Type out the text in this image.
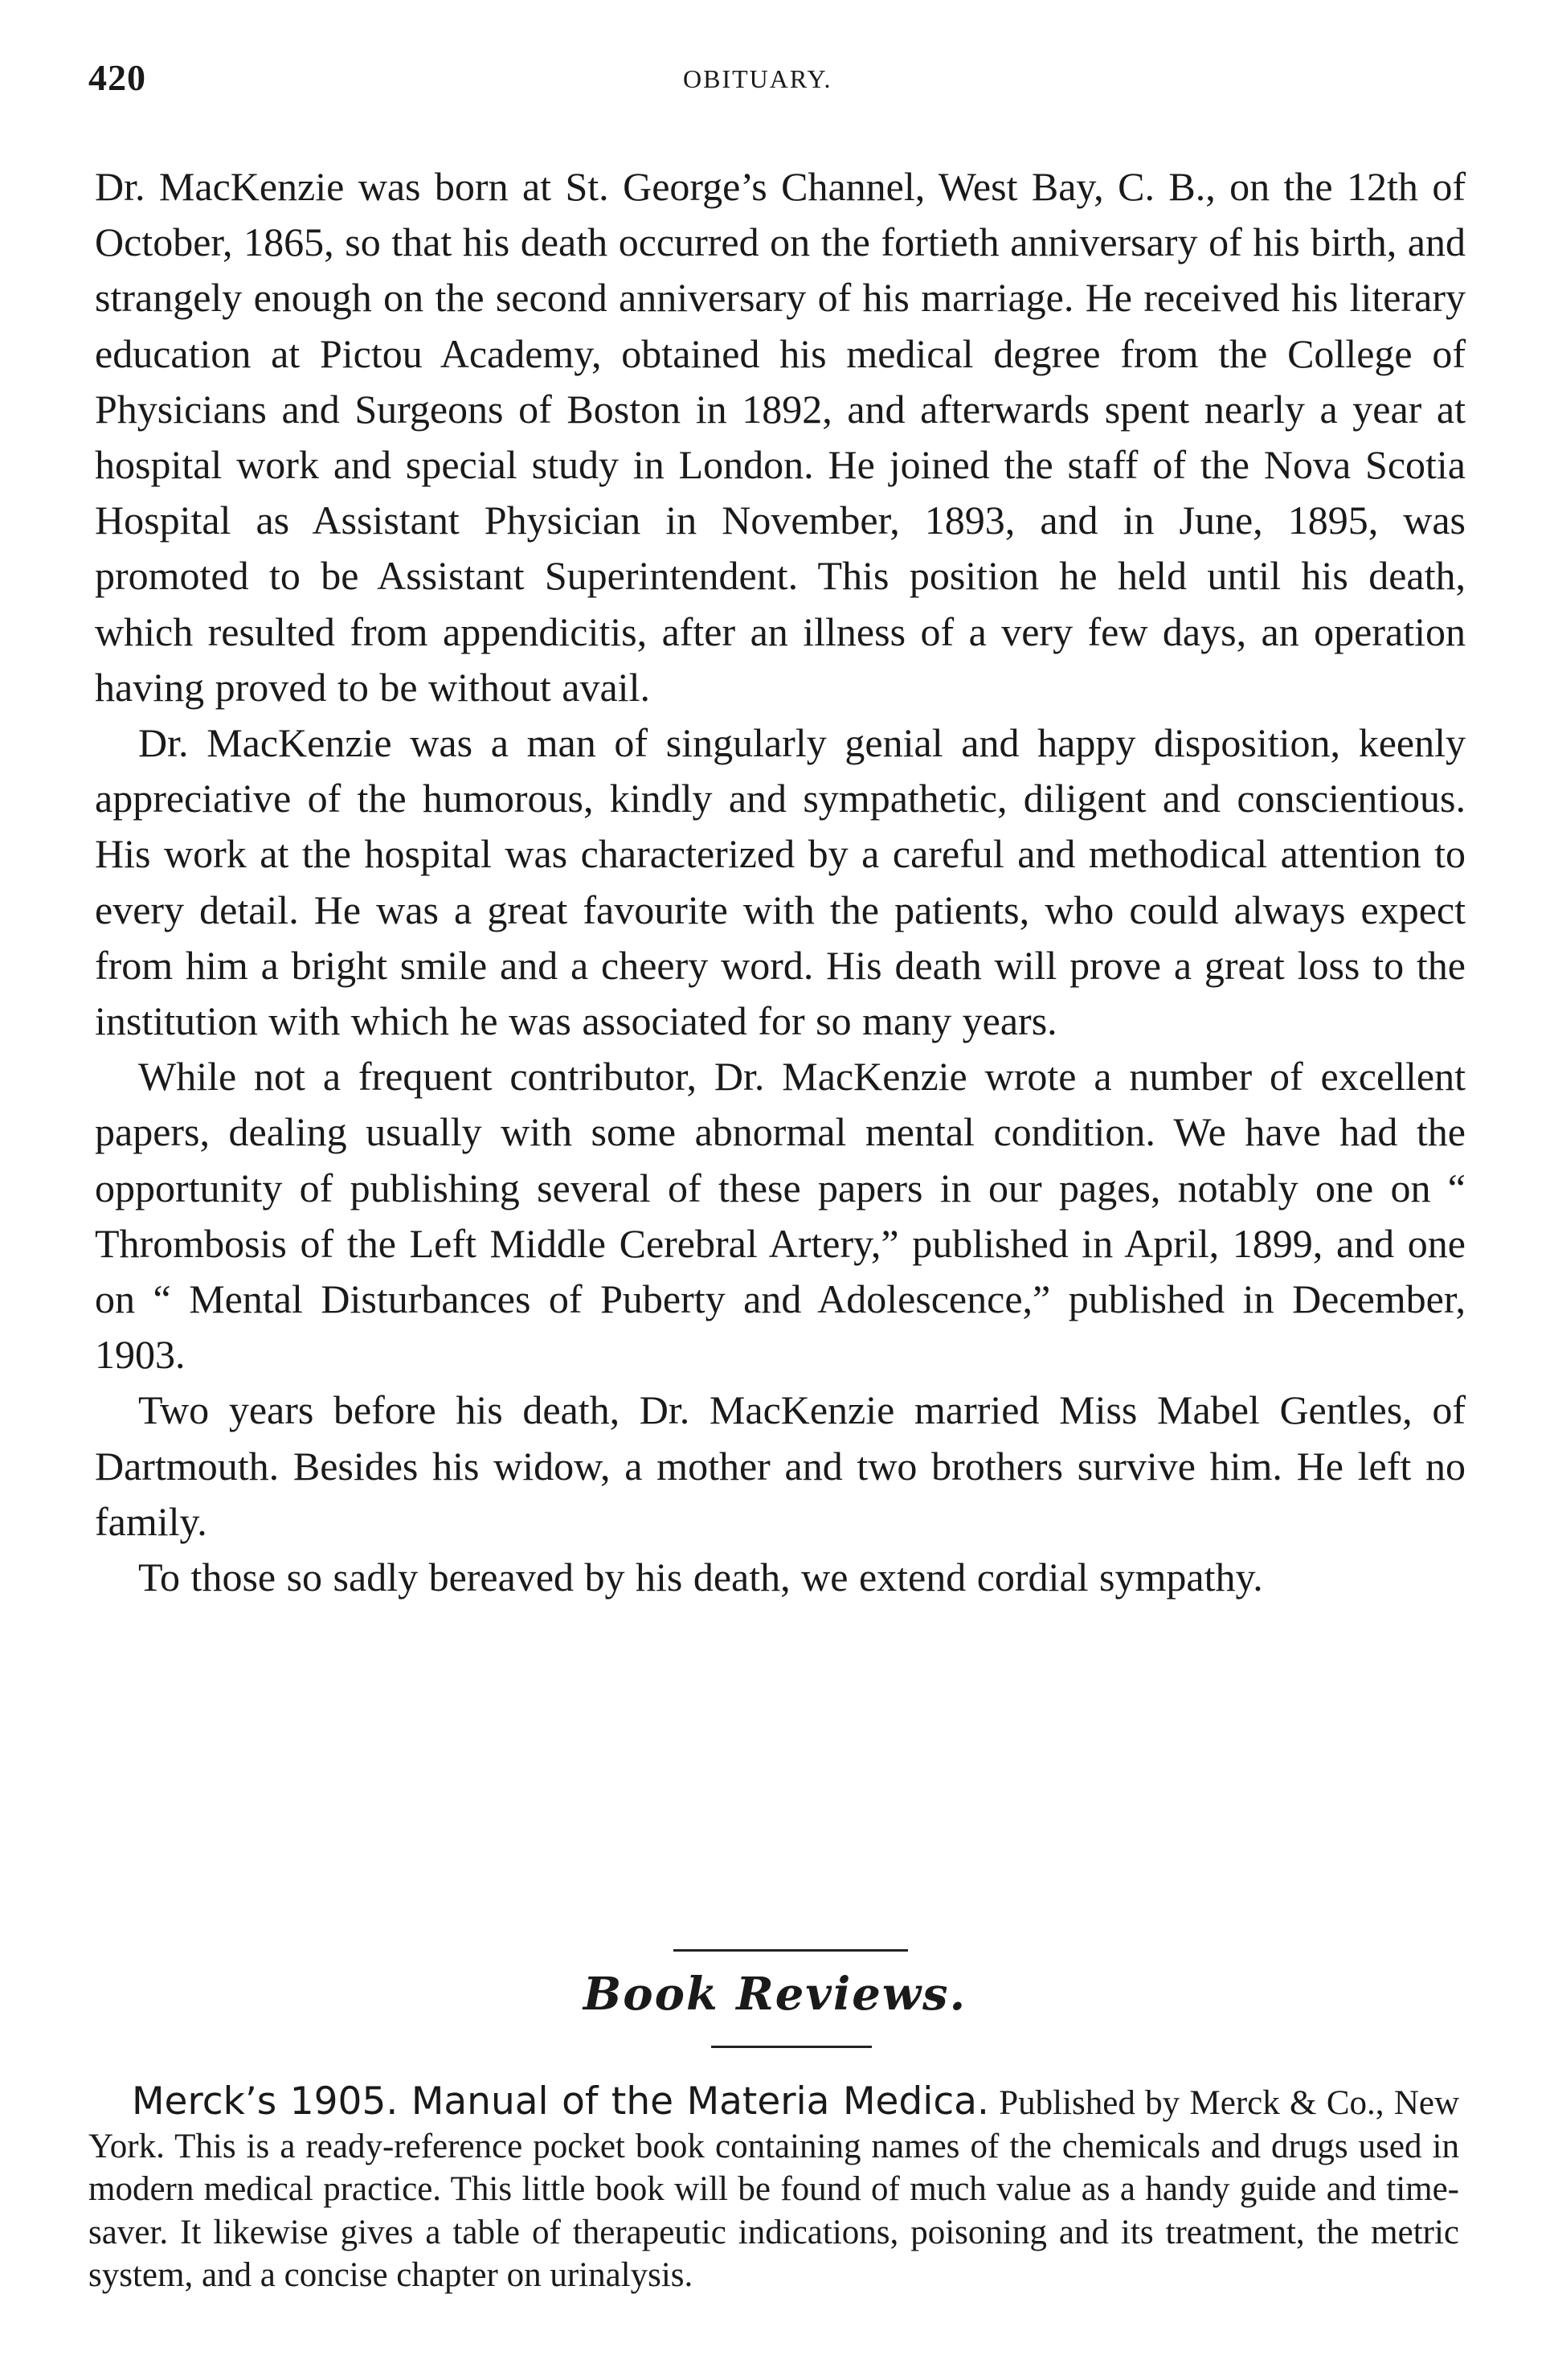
420	OBITUARY.

Dr. MacKenzie was born at St. George’s Channel, West Bay, C. B., on the 12th of October, 1865, so that his death occurred on the fortieth anniversary of his birth, and strangely enough on the second anniversary of his marriage. He received his literary education at Pictou Academy, obtained his medical degree from the College of Physicians and Surgeons of Boston in 1892, and afterwards spent nearly a year at hospital work and special study in London. He joined the staff of the Nova Scotia Hospital as Assistant Physician in November, 1893, and in June, 1895, was promoted to be Assistant Superintendent. This position he held until his death, which resulted from appendicitis, after an illness of a very few days, an operation having proved to be without avail.

Dr. MacKenzie was a man of singularly genial and happy disposition, keenly appreciative of the humorous, kindly and sympathetic, diligent and conscientious. His work at the hospital was characterized by a careful and methodical attention to every detail. He was a great favourite with the patients, who could always expect from him a bright smile and a cheery word. His death will prove a great loss to the institution with which he was associated for so many years.

While not a frequent contributor, Dr. MacKenzie wrote a number of excellent papers, dealing usually with some abnormal mental condition. We have had the opportunity of publishing several of these papers in our pages, notably one on “ Thrombosis of the Left Middle Cerebral Artery,” published in April, 1899, and one on “ Mental Disturbances of Puberty and Adolescence,” published in December, 1903.

Two years before his death, Dr. MacKenzie married Miss Mabel Gentles, of Dartmouth. Besides his widow, a mother and two brothers survive him. He left no family.

To those so sadly bereaved by his death, we extend cordial sympathy.

Book Reviews.

Merck’s 1905. Manual of the Materia Medica. Published by Merck & Co., New York. This is a ready-reference pocket book containing names of the chemicals and drugs used in modern medical practice. This little book will be found of much value as a handy guide and time-saver. It likewise gives a table of therapeutic indications, poisoning and its treatment, the metric system, and a concise chapter on urinalysis.
